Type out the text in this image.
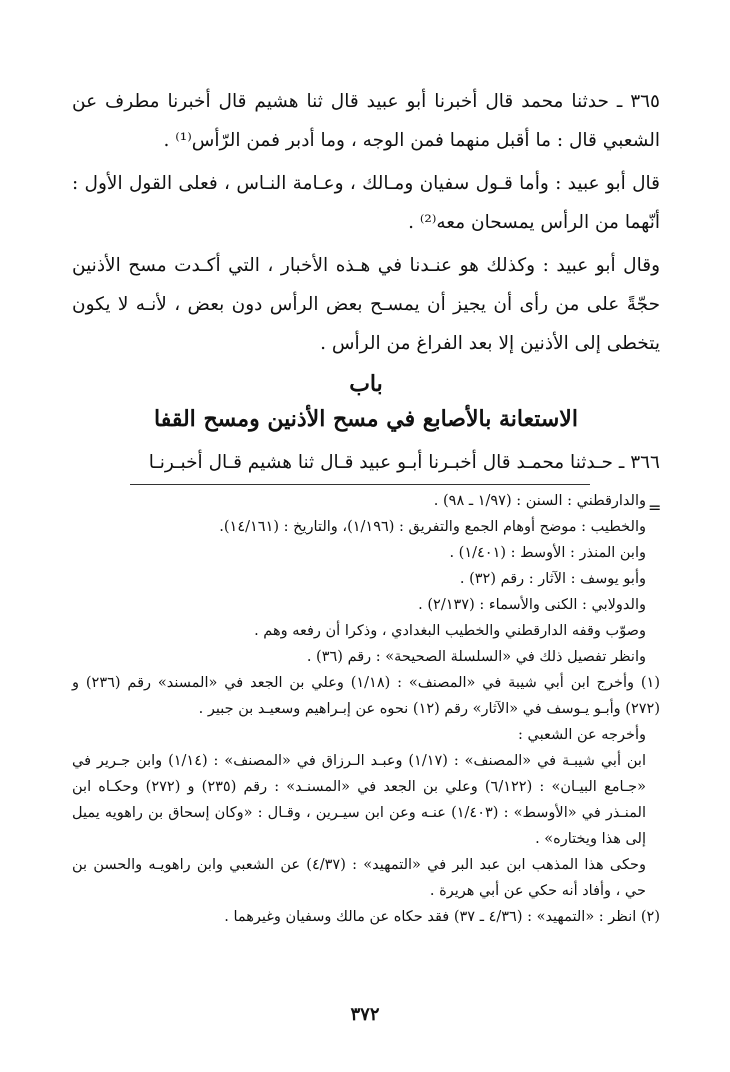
٣٦٥ ـ حدثنا محمد قال أخبرنا أبو عبيد قال ثنا هشيم قال أخبرنا مطرف عن الشعبي قال : ما أقبل منهما فمن الوجه ، وما أدبر فمن الرّأس⁽¹⁾ .

قال أبو عبيد : وأما قـول سفيان ومـالك ، وعـامة النـاس ، فعلى القول الأول : أنّهما من الرأس يمسحان معه⁽²⁾ .

وقال أبو عبيد : وكذلك هو عنـدنا في هـذه الأخبار ، التي أكـدت مسح الأذنين حجّةً على من رأى أن يجيز أن يمسـح بعض الرأس دون بعض ، لأنـه لا يكون يتخطى إلى الأذنين إلا بعد الفراغ من الرأس .

باب
الاستعانة بالأصابع في مسح الأذنين ومسح القفا

٣٦٦ ـ حـدثنا محمـد قال أخبـرنا أبـو عبيد قـال ثنا هشيم قـال أخبـرنـا

=

والدارقطني : السنن : (١/٩٧ ـ ٩٨) .

والخطيب : موضح أوهام الجمع والتفريق : (١/١٩٦)، والتاريخ : (١٤/١٦١).

وابن المنذر : الأوسط : (١/٤٠١) .

وأبو يوسف : الآثار : رقم (٣٢) .

والدولابي : الكنى والأسماء : (٢/١٣٧) .

وصوّب وقفه الدارقطني والخطيب البغدادي ، وذكرا أن رفعه وهم .

وانظر تفصيل ذلك في «السلسلة الصحيحة» : رقم (٣٦) .

(١) وأخرج ابن أبي شيبة في «المصنف» : (١/١٨) وعلي بن الجعد في «المسند» رقم (٢٣٦) و (٢٧٢) وأبـو يـوسف في «الآثار» رقم (١٢) نحوه عن إبـراهيم وسعيـد بن جبير .

وأخرجه عن الشعبي :

ابن أبي شيبـة في «المصنف» : (١/١٧) وعبـد الـرزاق في «المصنف» : (١/١٤) وابن جـرير في «جـامع البيـان» : (٦/١٢٢) وعلي بن الجعد في «المسنـد» : رقم (٢٣٥) و (٢٧٢) وحكـاه ابن المنـذر في «الأوسط» : (١/٤٠٣) عنـه وعن ابن سيـرين ، وقـال : «وكان إسحاق بن راهويه يميل إلى هذا ويختاره» .

وحكى هذا المذهب ابن عبد البر في «التمهيد» : (٤/٣٧) عن الشعبي وابن راهويـه والحسن بن حي ، وأفاد أنه حكي عن أبي هريرة .

(٢) انظر : «التمهيد» : (٤/٣٦ ـ ٣٧) فقد حكاه عن مالك وسفيان وغيرهما .

٣٧٢
